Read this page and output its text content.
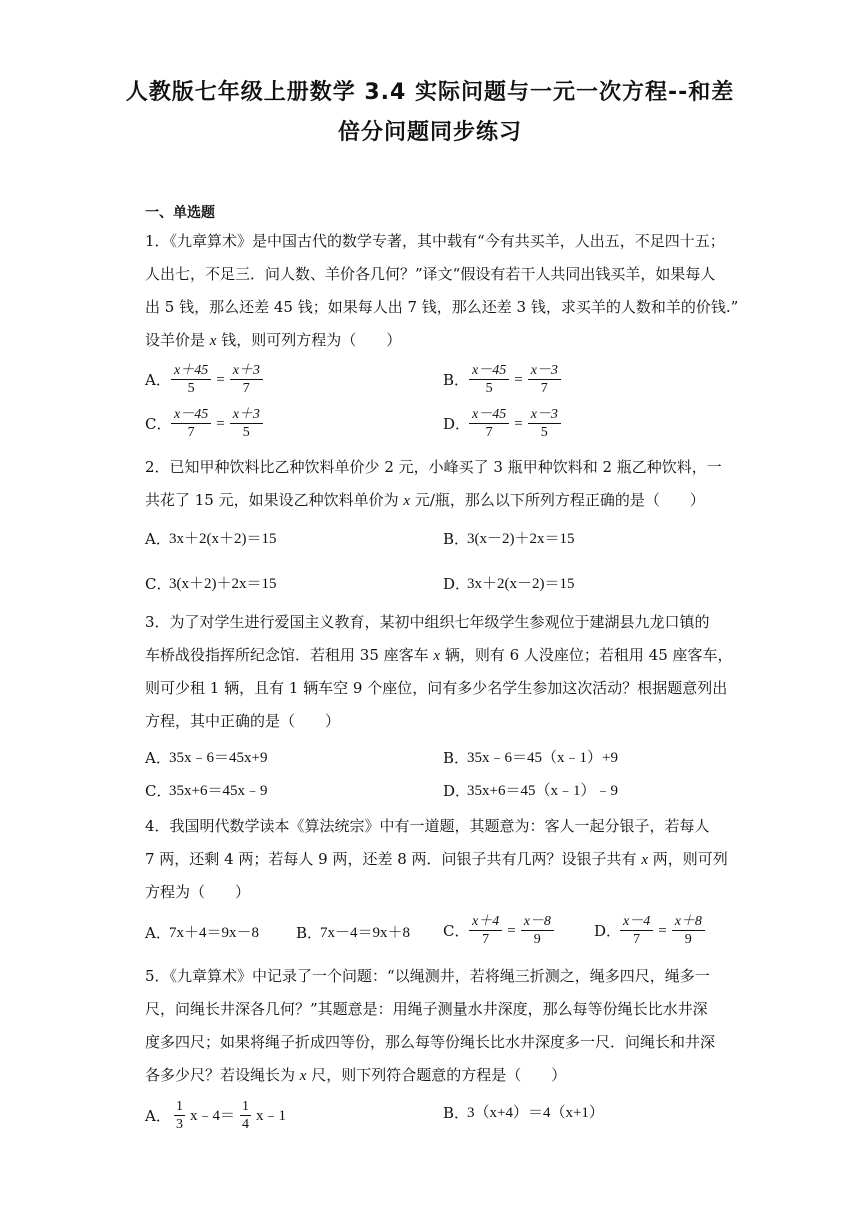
人教版七年级上册数学 3.4 实际问题与一元一次方程--和差
倍分问题同步练习
一、单选题
1．《九章算术》是中国古代的数学专著，其中载有“今有共买羊，人出五，不足四十五；
人出七，不足三．问人数、羊价各几何？”译文“假设有若干人共同出钱买羊，如果每人
出 5 钱，那么还差 45 钱；如果每人出 7 钱，那么还差 3 钱，求买羊的人数和羊的价钱.”
设羊价是 x 钱，则可列方程为（　　）
A． $\frac{x+45}{5} = \frac{x+3}{7}$	B． $\frac{x-45}{5} = \frac{x-3}{7}$
C． $\frac{x-45}{7} = \frac{x+3}{5}$	D．
$\frac{x-45}{7} = \frac{x-3}{5}$
2．已知甲种饮料比乙种饮料单价少 2 元，小峰买了 3 瓶甲种饮料和 2 瓶乙种饮料，一
共花了 15 元，如果设乙种饮料单价为 x 元/瓶，那么以下所列方程正确的是（　　）
A．
3x＋2(x＋2)＝15	B．
3(x－2)＋2x＝15
C．
3(x＋2)＋2x＝15	D．
3x＋2(x－2)＝15
3．为了对学生进行爱国主义教育，某初中组织七年级学生参观位于建湖县九龙口镇的
车桥战役指挥所纪念馆．若租用 35 座客车 x 辆，则有 6 人没座位；若租用 45 座客车，
则可少租 1 辆，且有 1 辆车空 9 个座位，问有多少名学生参加这次活动？根据题意列出
方程，其中正确的是（　　）
A．
35x﹣6＝45x+9	B．
35x﹣6＝45（x﹣1）+9
C．
35x+6＝45x﹣9	D．
35x+6＝45（x﹣1）﹣9
4．我国明代数学读本《算法统宗》中有一道题，其题意为：客人一起分银子，若每人
7 两，还剩 4 两；若每人 9 两，还差 8 两．问银子共有几两？设银子共有 x 两，则可列
方程为（　　）
A．
7x＋4＝9x－8 B．
7x－4＝9x＋8 C． $\frac{x+4}{7} = \frac{x-8}{9}$	D．
$\frac{x-4}{7} = \frac{x+8}{9}$
5．《九章算术》中记录了一个问题：“以绳测井，若将绳三折测之，绳多四尺，绳多一
尺，问绳长井深各几何？”其题意是：用绳子测量水井深度，那么每等份绳长比水井深
度多四尺；如果将绳子折成四等份，那么每等份绳长比水井深度多一尺．问绳长和井深
各多少尺？若设绳长为 x 尺，则下列符合题意的方程是（　　）
A． $\frac{1}{3}$ x﹣4＝ $\frac{1}{4}$ x﹣1	B．
3（x+4）＝4（x+1）
